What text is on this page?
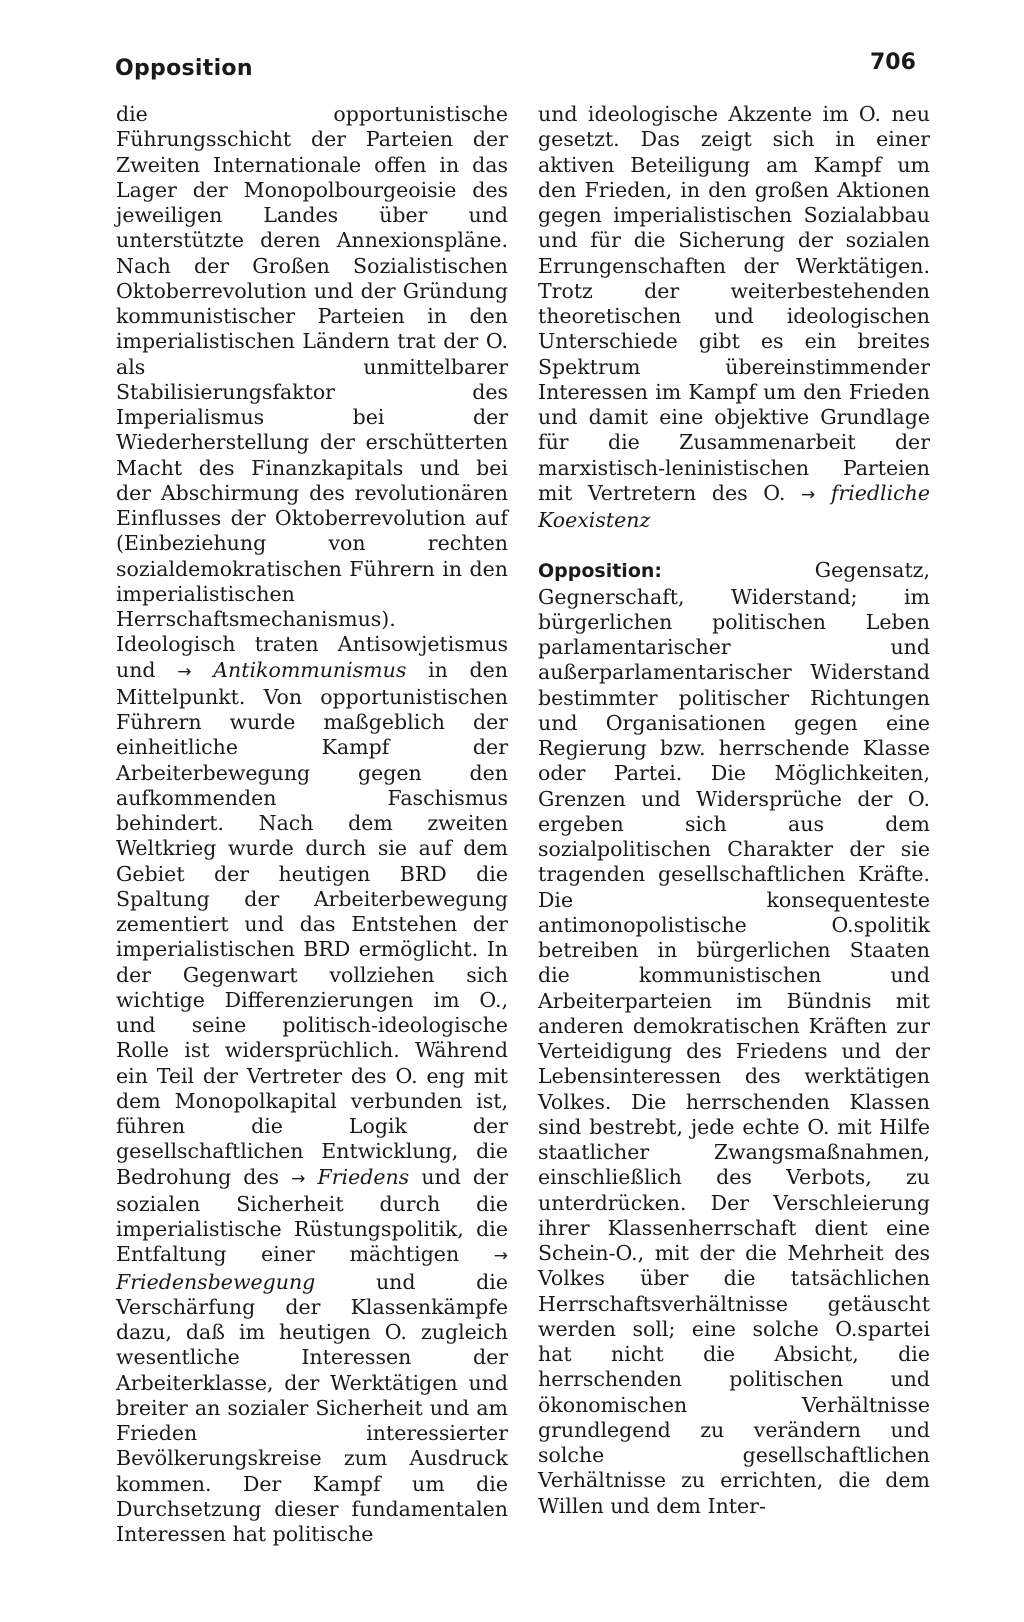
Opposition	706

die opportunistische Führungsschicht der Parteien der Zweiten Internationale offen in das Lager der Monopolbourgeoisie des jeweiligen Landes über und unterstützte deren Annexionspläne. Nach der Großen Sozialistischen Oktoberrevolution und der Gründung kommunistischer Parteien in den imperialistischen Ländern trat der O. als unmittelbarer Stabilisierungsfaktor des Imperialismus bei der Wiederherstellung der erschütterten Macht des Finanzkapitals und bei der Abschirmung des revolutionären Einflusses der Oktoberrevolution auf (Einbeziehung von rechten sozialdemokratischen Führern in den imperialistischen Herrschaftsmechanismus). Ideologisch traten Antisowjetismus und → Antikommunismus in den Mittelpunkt. Von opportunistischen Führern wurde maßgeblich der einheitliche Kampf der Arbeiterbewegung gegen den aufkommenden Faschismus behindert. Nach dem zweiten Weltkrieg wurde durch sie auf dem Gebiet der heutigen BRD die Spaltung der Arbeiterbewegung zementiert und das Entstehen der imperialistischen BRD ermöglicht. In der Gegenwart vollziehen sich wichtige Differenzierungen im O., und seine politisch-ideologische Rolle ist widersprüchlich. Während ein Teil der Vertreter des O. eng mit dem Monopolkapital verbunden ist, führen die Logik der gesellschaftlichen Entwicklung, die Bedrohung des → Friedens und der sozialen Sicherheit durch die imperialistische Rüstungspolitik, die Entfaltung einer mächtigen → Friedensbewegung und die Verschärfung der Klassenkämpfe dazu, daß im heutigen O. zugleich wesentliche Interessen der Arbeiterklasse, der Werktätigen und breiter an sozialer Sicherheit und am Frieden interessierter Bevölkerungskreise zum Ausdruck kommen. Der Kampf um die Durchsetzung dieser fundamentalen Interessen hat politische

und ideologische Akzente im O. neu gesetzt. Das zeigt sich in einer aktiven Beteiligung am Kampf um den Frieden, in den großen Aktionen gegen imperialistischen Sozialabbau und für die Sicherung der sozialen Errungenschaften der Werktätigen. Trotz der weiterbestehenden theoretischen und ideologischen Unterschiede gibt es ein breites Spektrum übereinstimmender Interessen im Kampf um den Frieden und damit eine objektive Grundlage für die Zusammenarbeit der marxistisch-leninistischen Parteien mit Vertretern des O. → friedliche Koexistenz

Opposition: Gegensatz, Gegnerschaft, Widerstand; im bürgerlichen politischen Leben parlamentarischer und außerparlamentarischer Widerstand bestimmter politischer Richtungen und Organisationen gegen eine Regierung bzw. herrschende Klasse oder Partei. Die Möglichkeiten, Grenzen und Widersprüche der O. ergeben sich aus dem sozialpolitischen Charakter der sie tragenden gesellschaftlichen Kräfte. Die konsequenteste antimonopolistische O.spolitik betreiben in bürgerlichen Staaten die kommunistischen und Arbeiterparteien im Bündnis mit anderen demokratischen Kräften zur Verteidigung des Friedens und der Lebensinteressen des werktätigen Volkes. Die herrschenden Klassen sind bestrebt, jede echte O. mit Hilfe staatlicher Zwangsmaßnahmen, einschließlich des Verbots, zu unterdrücken. Der Verschleierung ihrer Klassenherrschaft dient eine Schein-O., mit der die Mehrheit des Volkes über die tatsächlichen Herrschaftsverhältnisse getäuscht werden soll; eine solche O.spartei hat nicht die Absicht, die herrschenden politischen und ökonomischen Verhältnisse grundlegend zu verändern und solche gesellschaftlichen Verhältnisse zu errichten, die dem Willen und dem Inter-
